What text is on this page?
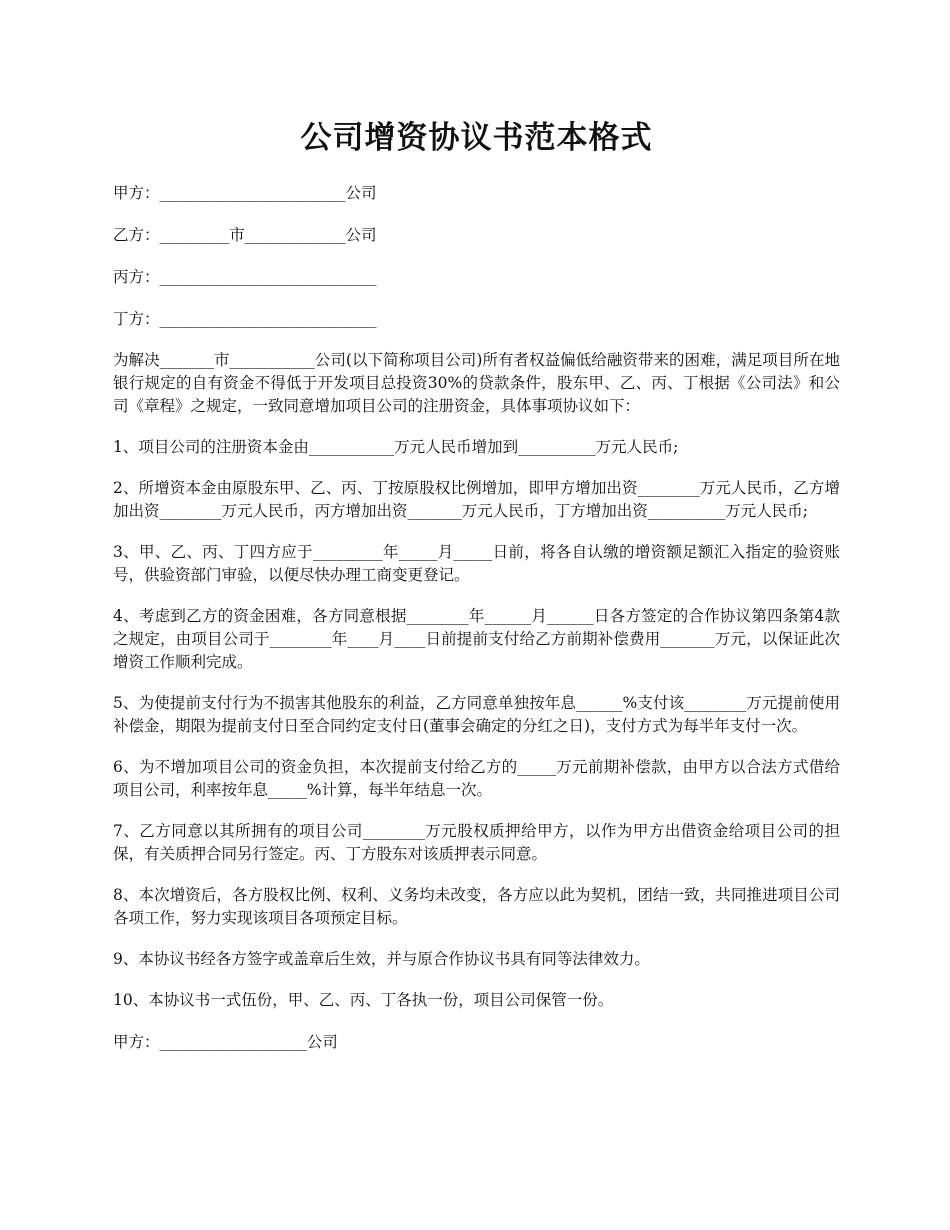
公司增资协议书范本格式

甲方：________________________公司

乙方：_________市_____________公司

丙方：____________________________

丁方：____________________________

为解决_______市___________公司(以下简称项目公司)所有者权益偏低给融资带来的困难，满足项目所在地银行规定的自有资金不得低于开发项目总投资30%的贷款条件，股东甲、乙、丙、丁根据《公司法》和公司《章程》之规定，一致同意增加项目公司的注册资金，具体事项协议如下：

1、项目公司的注册资本金由___________万元人民币增加到__________万元人民币;

2、所增资本金由原股东甲、乙、丙、丁按原股权比例增加，即甲方增加出资________万元人民币，乙方增加出资________万元人民币，丙方增加出资_______万元人民币，丁方增加出资__________万元人民币;

3、甲、乙、丙、丁四方应于_________年_____月_____日前，将各自认缴的增资额足额汇入指定的验资账号，供验资部门审验，以便尽快办理工商变更登记。

4、考虑到乙方的资金困难，各方同意根据________年______月______日各方签定的合作协议第四条第4款之规定，由项目公司于________年____月____日前提前支付给乙方前期补偿费用_______万元，以保证此次增资工作顺利完成。

5、为使提前支付行为不损害其他股东的利益，乙方同意单独按年息______%支付该________万元提前使用补偿金，期限为提前支付日至合同约定支付日(董事会确定的分红之日)，支付方式为每半年支付一次。

6、为不增加项目公司的资金负担，本次提前支付给乙方的_____万元前期补偿款，由甲方以合法方式借给项目公司，利率按年息_____%计算，每半年结息一次。

7、乙方同意以其所拥有的项目公司________万元股权质押给甲方，以作为甲方出借资金给项目公司的担保，有关质押合同另行签定。丙、丁方股东对该质押表示同意。

8、本次增资后，各方股权比例、权利、义务均未改变，各方应以此为契机，团结一致，共同推进项目公司各项工作，努力实现该项目各项预定目标。

9、本协议书经各方签字或盖章后生效，并与原合作协议书具有同等法律效力。

10、本协议书一式伍份，甲、乙、丙、丁各执一份，项目公司保管一份。

甲方：___________________公司
